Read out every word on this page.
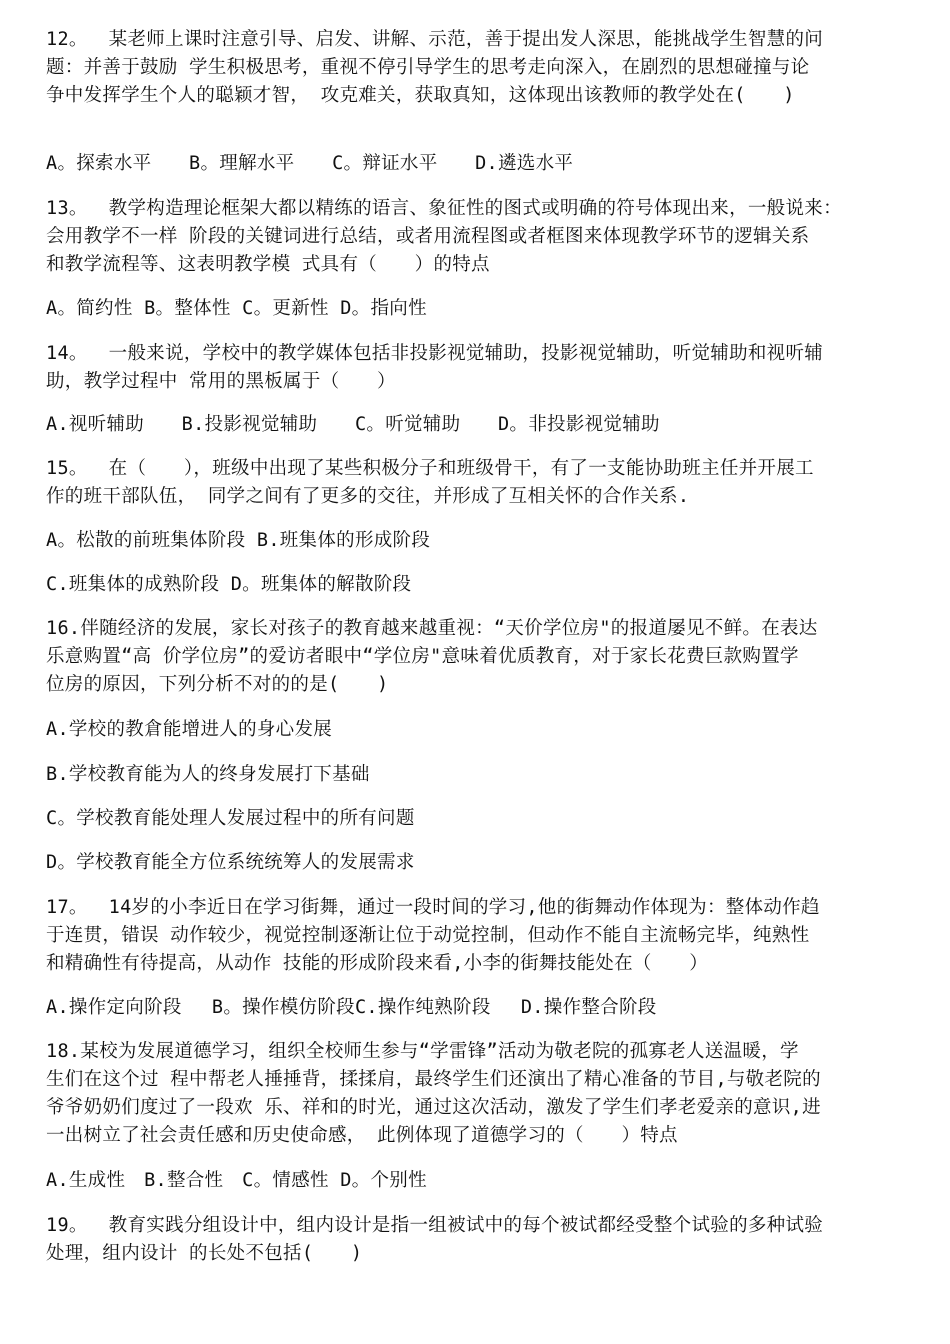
12。　 某老师上课时注意引导、启发、讲解、示范，善于提出发人深思，能挑战学生智慧的问
题：并善于鼓励 学生积极思考，重视不停引导学生的思考走向深入，在剧烈的思想碰撞与论
争中发挥学生个人的聪颖才智， 攻克难关，获取真知，这体现出该教师的教学处在(　　)
A。探索水平　　B。理解水平　　C。辩证水平　　D.遴选水平
13。　 教学构造理论框架大都以精练的语言、象征性的图式或明确的符号体现出来，一般说来：
会用教学不一样 阶段的关键词进行总结，或者用流程图或者框图来体现教学环节的逻辑关系
和教学流程等、这表明教学模 式具有（　　）的特点
A。简约性 B。整体性 C。更新性 D。指向性
14。　 一般来说，学校中的教学媒体包括非投影视觉辅助，投影视觉辅助，听觉辅助和视听辅
助，教学过程中 常用的黑板属于（　　）
A.视听辅助　　B.投影视觉辅助　　C。听觉辅助　　D。非投影视觉辅助
15。　 在（　　），班级中出现了某些积极分子和班级骨干，有了一支能协助班主任并开展工
作的班干部队伍， 同学之间有了更多的交往，并形成了互相关怀的合作关系.
A。松散的前班集体阶段 B.班集体的形成阶段
C.班集体的成熟阶段 D。班集体的解散阶段
16.伴随经济的发展，家长对孩子的教育越来越重视：“天价学位房"的报道屡见不鲜。在表达
乐意购置“高 价学位房”的爱访者眼中“学位房"意味着优质教育，对于家长花费巨款购置学
位房的原因，下列分析不对的的是(　　)
A.学校的教倉能增进人的身心发展
B.学校教育能为人的终身发展打下基础
C。学校教育能处理人发展过程中的所有问题
D。学校教育能全方位系统统筹人的发展需求
17。　 14岁的小李近日在学习街舞，通过一段时间的学习,他的街舞动作体现为：整体动作趋
于连贯，错误 动作较少，视觉控制逐渐让位于动觉控制，但动作不能自主流畅完毕，纯熟性
和精确性有待提高，从动作 技能的形成阶段来看,小李的街舞技能处在（　　）
A.操作定向阶段　 B。操作模仿阶段C.操作纯熟阶段　 D.操作整合阶段
18.某校为发展道德学习，组织全校师生参与“学雷锋”活动为敬老院的孤寡老人送温暖，学
生们在这个过 程中帮老人捶捶背，揉揉肩，最终学生们还演出了精心准备的节目,与敬老院的
爷爷奶奶们度过了一段欢 乐、祥和的时光，通过这次活动，激发了学生们孝老爱亲的意识,进
一出树立了社会责任感和历史使命感， 此例体现了道德学习的（　　）特点
A.生成性　B.整合性　C。情感性 D。个别性
19。　 教育实践分组设计中，组内设计是指一组被试中的每个被试都经受整个试验的多种试验
处理，组内设计 的长处不包括(　　)
